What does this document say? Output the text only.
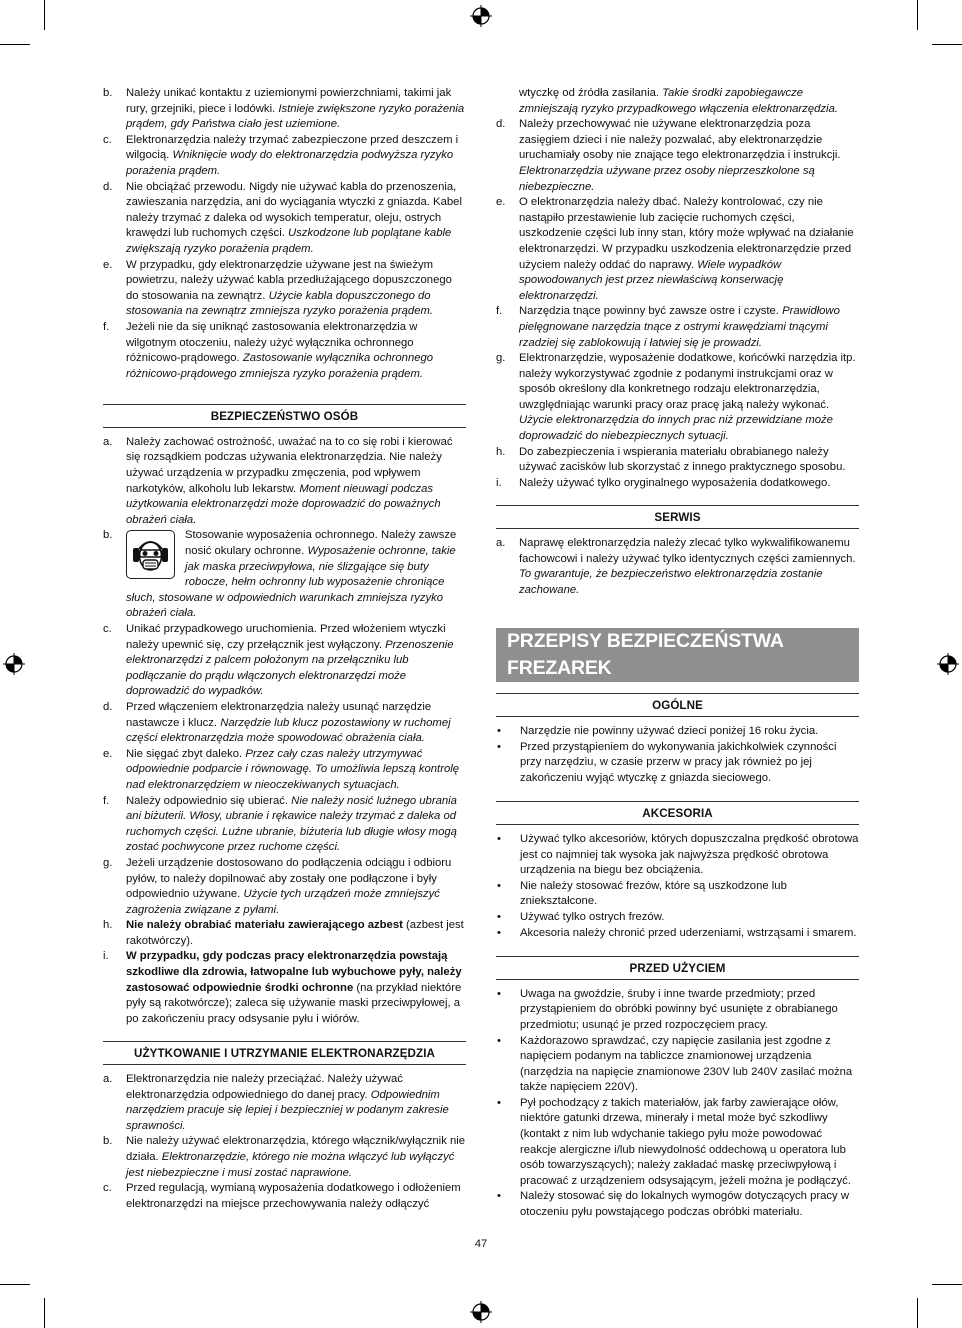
b.	Należy unikać kontaktu z uziemionymi powierzchniami, takimi jak rury, grzejniki, piece i lodówki. Istnieje zwiększone ryzyko porażenia prądem, gdy Państwa ciało jest uziemione.
c.	Elektronarzędzia należy trzymać zabezpieczone przed deszczem i wilgocią. Wniknięcie wody do elektronarzędzia podwyższa ryzyko porażenia prądem.
d.	Nie obciążać przewodu. Nigdy nie używać kabla do przenoszenia, zawieszania narzędzia, ani do wyciągania wtyczki z gniazda. Kabel należy trzymać z daleka od wysokich temperatur, oleju, ostrych krawędzi lub ruchomych części. Uszkodzone lub poplątane kable zwiększają ryzyko porażenia prądem.
e.	W przypadku, gdy elektronarzędzie używane jest na świeżym powietrzu, należy używać kabla przedłużającego dopuszczonego do stosowania na zewnątrz. Użycie kabla dopuszczonego do stosowania na zewnątrz zmniejsza ryzyko porażenia prądem.
f.	Jeżeli nie da się uniknąć zastosowania elektronarzędzia w wilgotnym otoczeniu, należy użyć wyłącznika ochronnego różnicowo-prądowego. Zastosowanie wyłącznika ochronnego różnicowo-prądowego zmniejsza ryzyko porażenia prądem.
BEZPIECZEŃSTWO OSÓB
a.	Należy zachować ostrożność, uważać na to co się robi i kierować się rozsądkiem podczas używania elektronarzędzia. Nie należy używać urządzenia w przypadku zmęczenia, pod wpływem narkotyków, alkoholu lub lekarstw. Moment nieuwagi podczas użytkowania elektronarzędzi może doprowadzić do poważnych obrażeń ciała.
b.	Stosowanie wyposażenia ochronnego. Należy zawsze nosić okulary ochronne. Wyposażenie ochronne, takie jak maska przeciwpyłowa, nie ślizgające się buty robocze, hełm ochronny lub wyposażenie chroniące słuch, stosowane w odpowiednich warunkach zmniejsza ryzyko obrażeń ciała.
c.	Unikać przypadkowego uruchomienia. Przed włożeniem wtyczki należy upewnić się, czy przełącznik jest wyłączony. Przenoszenie elektronarzędzi z palcem położonym na przełączniku lub podłączanie do prądu włączonych elektronarzędzi może doprowadzić do wypadków.
d.	Przed włączeniem elektronarzędzia należy usunąć narzędzie nastawcze i klucz. Narzędzie lub klucz pozostawiony w ruchomej części elektronarzędzia może spowodować obrażenia ciała.
e.	Nie sięgać zbyt daleko. Przez cały czas należy utrzymywać odpowiednie podparcie i równowagę. To umożliwia lepszą kontrolę nad elektronarzędziem w nieoczekiwanych sytuacjach.
f.	Należy odpowiednio się ubierać. Nie należy nosić luźnego ubrania ani biżuterii. Włosy, ubranie i rękawice należy trzymać z daleka od ruchomych części. Luźne ubranie, biżuteria lub długie włosy mogą zostać pochwycone przez ruchome części.
g.	Jeżeli urządzenie dostosowano do podłączenia odciągu i odbioru pyłów, to należy dopilnować aby zostały one podłączone i były odpowiednio używane. Użycie tych urządzeń może zmniejszyć zagrożenia związane z pyłami.
h.	Nie należy obrabiać materiału zawierającego azbest (azbest jest rakotwórczy).
i.	W przypadku, gdy podczas pracy elektronarzędzia powstają szkodliwe dla zdrowia, łatwopalne lub wybuchowe pyły, należy zastosować odpowiednie środki ochronne (na przykład niektóre pyły są rakotwórcze); zaleca się używanie maski przeciwpyłowej, a po zakończeniu pracy odsysanie pyłu i wiórów.
UŻYTKOWANIE I UTRZYMANIE ELEKTRONARZĘDZIA
a.	Elektronarzędzia nie należy przeciążać. Należy używać elektronarzędzia odpowiedniego do danej pracy. Odpowiednim narzędziem pracuje się lepiej i bezpieczniej w podanym zakresie sprawności.
b.	Nie należy używać elektronarzędzia, którego włącznik/wyłącznik nie działa. Elektronarzędzie, którego nie można włączyć lub wyłączyć jest niebezpieczne i musi zostać naprawione.
c.	Przed regulacją, wymianą wyposażenia dodatkowego i odłożeniem elektronarzędzi na miejsce przechowywania należy odłączyć
wtyczkę od źródła zasilania. Takie środki zapobiegawcze zmniejszają ryzyko przypadkowego włączenia elektronarzędzia.
d.	Należy przechowywać nie używane elektronarzędzia poza zasięgiem dzieci i nie należy pozwalać, aby elektronarzędzie uruchamiały osoby nie znające tego elektronarzędzia i instrukcji. Elektronarzędzia używane przez osoby nieprzeszkolone są niebezpieczne.
e.	O elektronarzędzia należy dbać. Należy kontrolować, czy nie nastąpiło przestawienie lub zacięcie ruchomych części, uszkodzenie części lub inny stan, który może wpływać na działanie elektronarzędzi. W przypadku uszkodzenia elektronarzędzie przed użyciem należy oddać do naprawy. Wiele wypadków spowodowanych jest przez niewłaściwą konserwację elektronarzędzi.
f.	Narzędzia tnące powinny być zawsze ostre i czyste. Prawidłowo pielęgnowane narzędzia tnące z ostrymi krawędziami tnącymi rzadziej się zablokowują i łatwiej się je prowadzi.
g.	Elektronarzędzie, wyposażenie dodatkowe, końcówki narzędzia itp. należy wykorzystywać zgodnie z podanymi instrukcjami oraz w sposób określony dla konkretnego rodzaju elektronarzędzia, uwzględniając warunki pracy oraz pracę jaką należy wykonać. Użycie elektronarzędzia do innych prac niż przewidziane może doprowadzić do niebezpiecznych sytuacji.
h.	Do zabezpieczenia i wspierania materiału obrabianego należy używać zacisków lub skorzystać z innego praktycznego sposobu.
i.	Należy używać tylko oryginalnego wyposażenia dodatkowego.
SERWIS
a.	Naprawę elektronarzędzia należy zlecać tylko wykwalifikowanemu fachowcowi i należy używać tylko identycznych części zamiennych. To gwarantuje, że bezpieczeństwo elektronarzędzia zostanie zachowane.
PRZEPISY BEZPIECZEŃSTWA FREZAREK
OGÓLNE
•	Narzędzie nie powinny używać dzieci poniżej 16 roku życia.
•	Przed przystąpieniem do wykonywania jakichkolwiek czynności przy narzędziu, w czasie przerw w pracy jak również po jej zakończeniu wyjąć wtyczkę z gniazda sieciowego.
AKCESORIA
•	Używać tylko akcesoriów, których dopuszczalna prędkość obrotowa jest co najmniej tak wysoka jak najwyższa prędkość obrotowa urządzenia na biegu bez obciążenia.
•	Nie należy stosować frezów, które są uszkodzone lub zniekształcone.
•	Używać tylko ostrych frezów.
•	Akcesoria należy chronić przed uderzeniami, wstrząsami i smarem.
PRZED UŻYCIEM
•	Uwaga na gwoździe, śruby i inne twarde przedmioty; przed przystąpieniem do obróbki powinny być usunięte z obrabianego przedmiotu; usunąć je przed rozpoczęciem pracy.
•	Każdorazowo sprawdzać, czy napięcie zasilania jest zgodne z napięciem podanym na tabliczce znamionowej urządzenia (narzędzia na napięcie znamionowe 230V lub 240V zasilać można także napięciem 220V).
•	Pył pochodzący z takich materiałów, jak farby zawierające ołów, niektóre gatunki drzewa, minerały i metal może być szkodliwy (kontakt z nim lub wdychanie takiego pyłu może powodować reakcje alergiczne i/lub niewydolność oddechową u operatora lub osób towarzyszących); należy zakładać maskę przeciwpyłową i pracować z urządzeniem odsysającym, jeżeli można je podłączyć.
•	Należy stosować się do lokalnych wymogów dotyczących pracy w otoczeniu pyłu powstającego podczas obróbki materiału.
47
